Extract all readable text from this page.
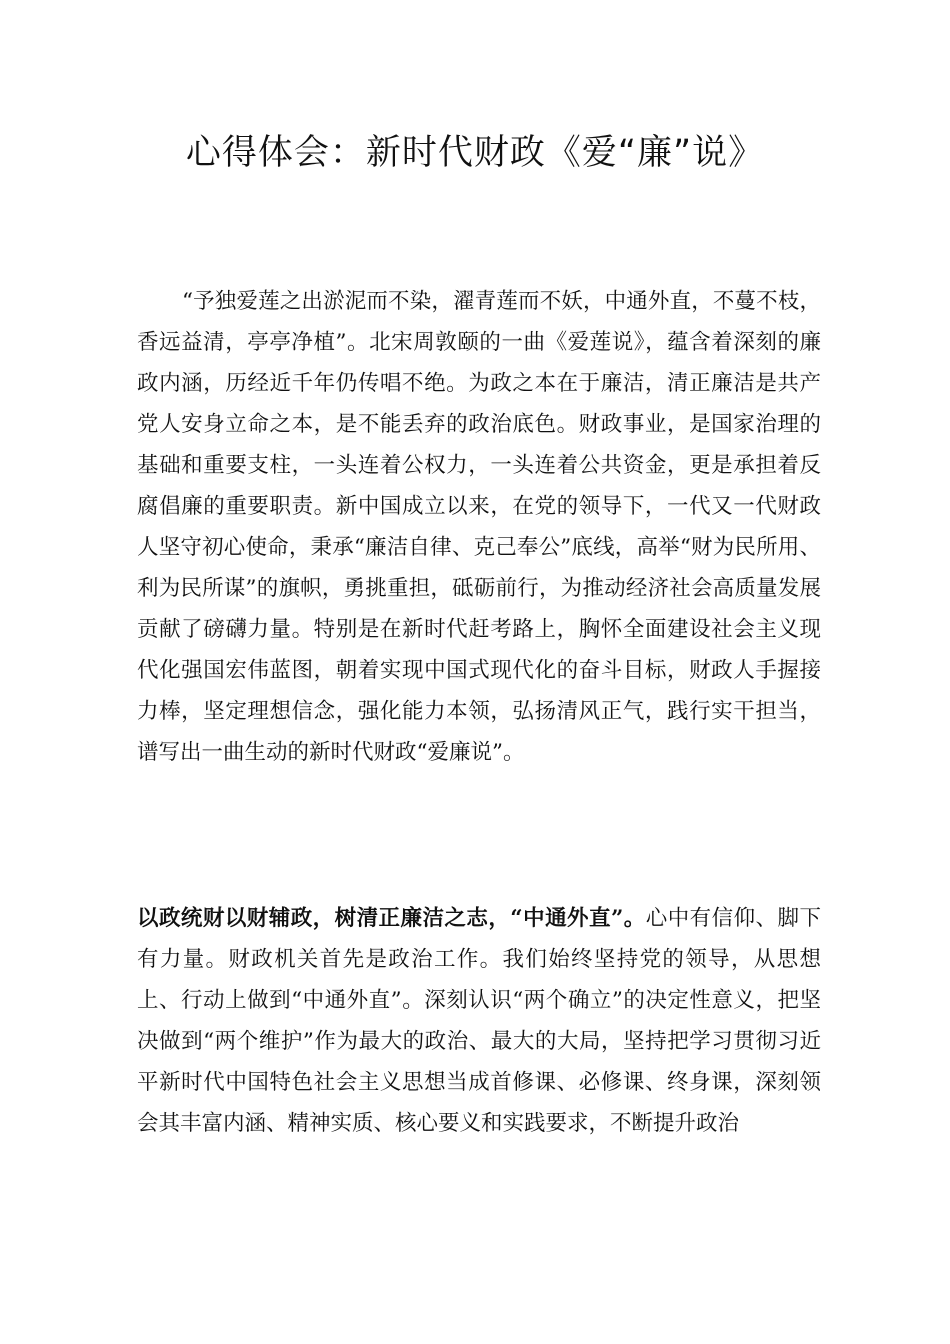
心得体会：新时代财政《爱“廉”说》

“予独爱莲之出淤泥而不染，濯青莲而不妖，中通外直，不蔓不枝，香远益清，亭亭净植”。北宋周敦颐的一曲《爱莲说》，蕴含着深刻的廉政内涵，历经近千年仍传唱不绝。为政之本在于廉洁，清正廉洁是共产党人安身立命之本，是不能丢弃的政治底色。财政事业，是国家治理的基础和重要支柱，一头连着公权力，一头连着公共资金，更是承担着反腐倡廉的重要职责。新中国成立以来，在党的领导下，一代又一代财政人坚守初心使命，秉承“廉洁自律、克己奉公”底线，高举“财为民所用、利为民所谋”的旗帜，勇挑重担，砥砺前行，为推动经济社会高质量发展贡献了磅礴力量。特别是在新时代赶考路上，胸怀全面建设社会主义现代化强国宏伟蓝图，朝着实现中国式现代化的奋斗目标，财政人手握接力棒，坚定理想信念，强化能力本领，弘扬清风正气，践行实干担当，谱写出一曲生动的新时代财政“爱廉说”。

以政统财以财辅政，树清正廉洁之志，“中通外直”。心中有信仰、脚下有力量。财政机关首先是政治工作。我们始终坚持党的领导，从思想上、行动上做到“中通外直”。深刻认识“两个确立”的决定性意义，把坚决做到“两个维护”作为最大的政治、最大的大局，坚持把学习贯彻习近平新时代中国特色社会主义思想当成首修课、必修课、终身课，深刻领会其丰富内涵、精神实质、核心要义和实践要求，不断提升政治
